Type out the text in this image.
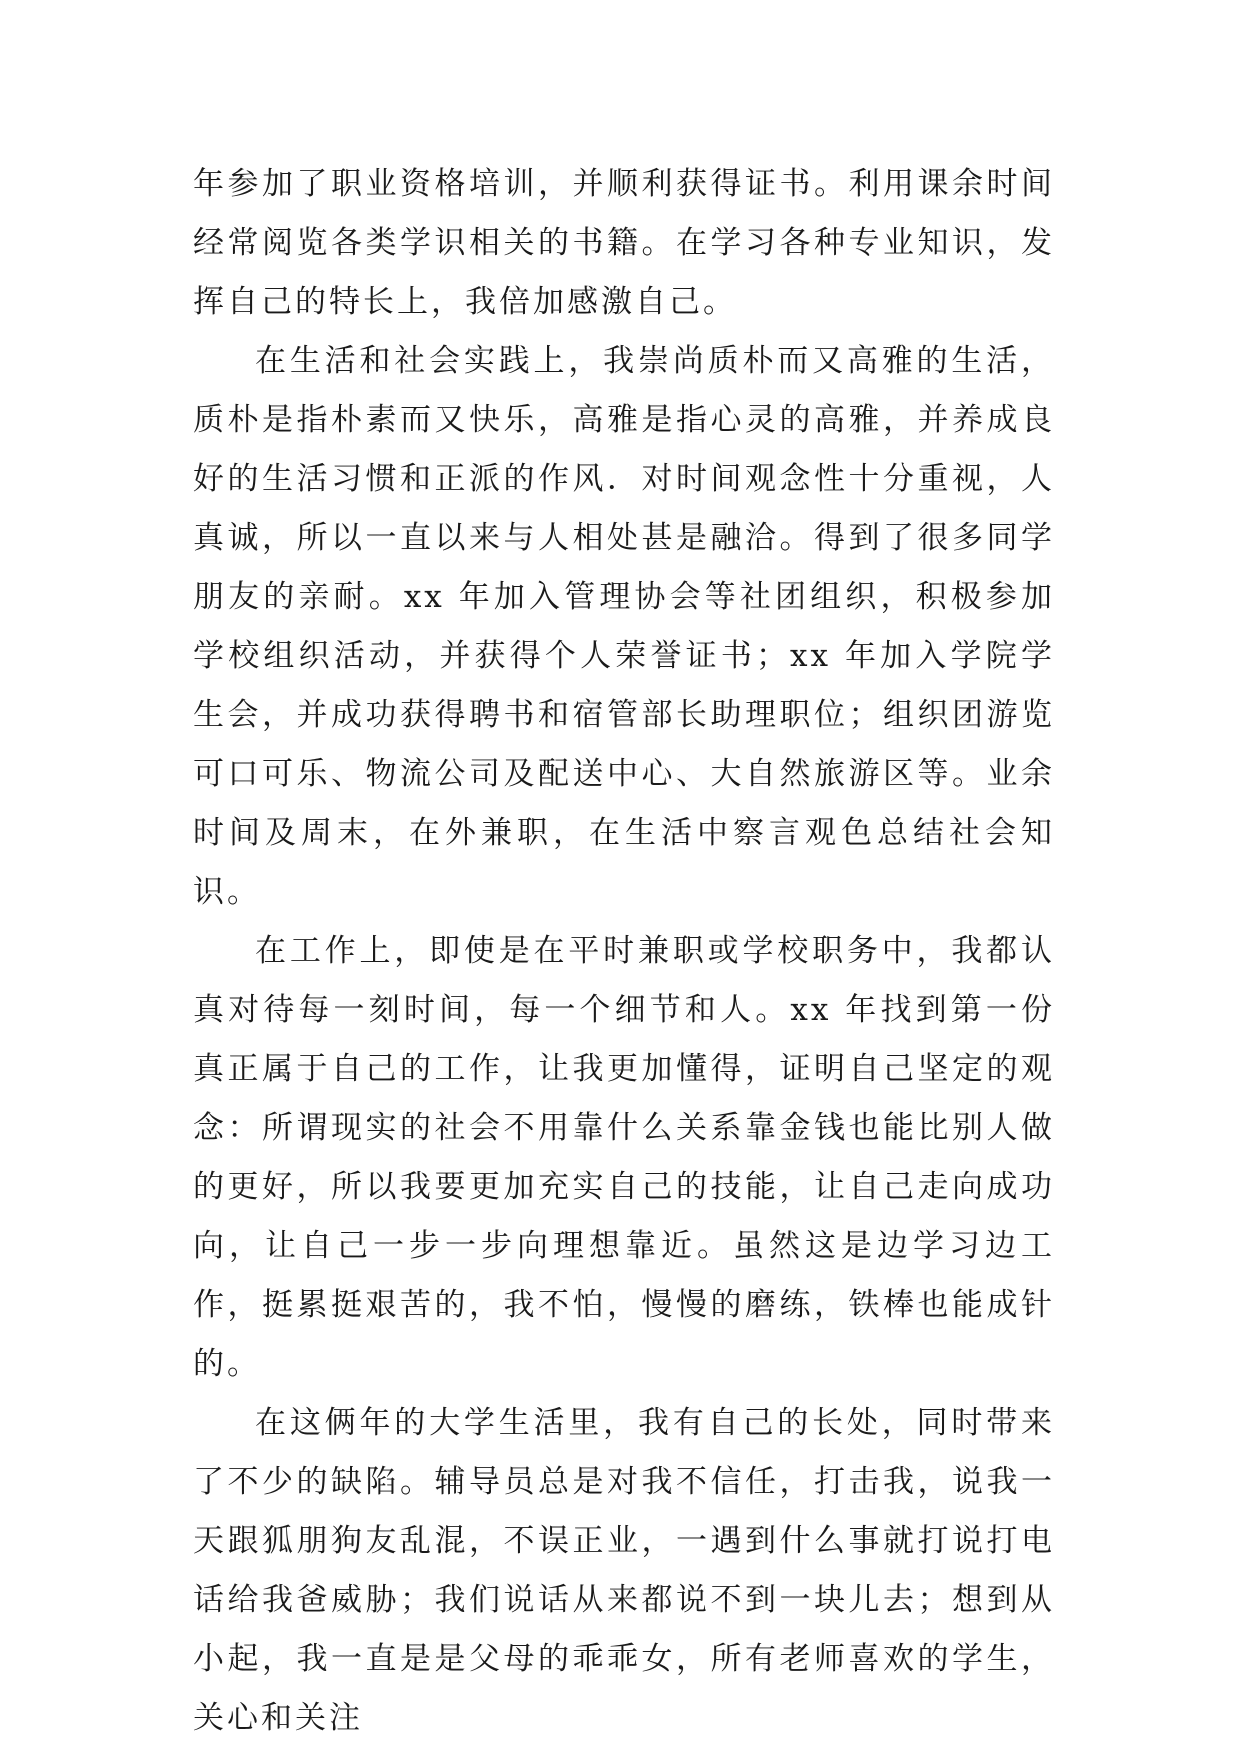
年参加了职业资格培训，并顺利获得证书。利用课余时间经常阅览各类学识相关的书籍。在学习各种专业知识，发挥自己的特长上，我倍加感激自己。

在生活和社会实践上，我崇尚质朴而又高雅的生活，质朴是指朴素而又快乐，高雅是指心灵的高雅，并养成良好的生活习惯和正派的作风．对时间观念性十分重视，人真诚，所以一直以来与人相处甚是融洽。得到了很多同学朋友的亲耐。xx 年加入管理协会等社团组织，积极参加学校组织活动，并获得个人荣誉证书；xx 年加入学院学生会，并成功获得聘书和宿管部长助理职位；组织团游览可口可乐、物流公司及配送中心、大自然旅游区等。业余时间及周末，在外兼职，在生活中察言观色总结社会知识。

在工作上，即使是在平时兼职或学校职务中，我都认真对待每一刻时间，每一个细节和人。xx 年找到第一份真正属于自己的工作，让我更加懂得，证明自己坚定的观念：所谓现实的社会不用靠什么关系靠金钱也能比别人做的更好，所以我要更加充实自己的技能，让自己走向成功向，让自己一步一步向理想靠近。虽然这是边学习边工作，挺累挺艰苦的，我不怕，慢慢的磨练，铁棒也能成针的。

在这俩年的大学生活里，我有自己的长处，同时带来了不少的缺陷。辅导员总是对我不信任，打击我，说我一天跟狐朋狗友乱混，不误正业，一遇到什么事就打说打电话给我爸威胁；我们说话从来都说不到一块儿去；想到从小起，我一直是是父母的乖乖女，所有老师喜欢的学生，关心和关注
